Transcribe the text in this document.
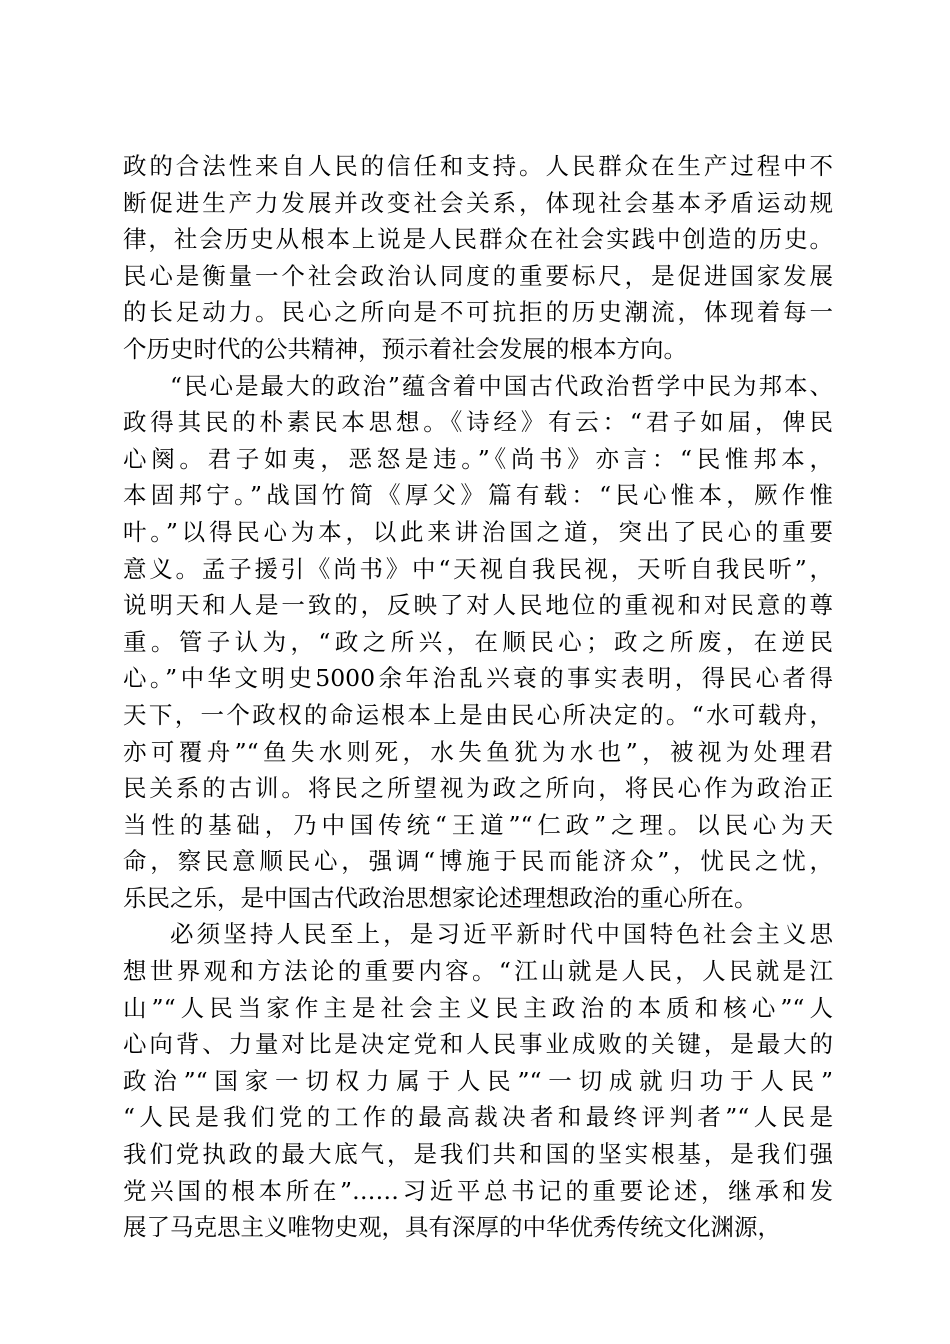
政的合法性来自人民的信任和支持。人民群众在生产过程中不
断促进生产力发展并改变社会关系，体现社会基本矛盾运动规
律，社会历史从根本上说是人民群众在社会实践中创造的历史。
民心是衡量一个社会政治认同度的重要标尺，是促进国家发展
的长足动力。民心之所向是不可抗拒的历史潮流，体现着每一
个历史时代的公共精神，预示着社会发展的根本方向。
“民心是最大的政治”蕴含着中国古代政治哲学中民为邦本、
政得其民的朴素民本思想。《诗经》有云：“君子如届，俾民
心阕。君子如夷，恶怒是违。”《尚书》亦言：“民惟邦本，
本固邦宁。”战国竹简《厚父》篇有载：“民心惟本，厥作惟
叶。”以得民心为本，以此来讲治国之道，突出了民心的重要
意义。孟子援引《尚书》中“天视自我民视，天听自我民听”，
说明天和人是一致的，反映了对人民地位的重视和对民意的尊
重。管子认为，“政之所兴，在顺民心；政之所废，在逆民
心。”中华文明史5000余年治乱兴衰的事实表明，得民心者得
天下，一个政权的命运根本上是由民心所决定的。“水可载舟，
亦可覆舟”“鱼失水则死，水失鱼犹为水也”，被视为处理君
民关系的古训。将民之所望视为政之所向，将民心作为政治正
当性的基础，乃中国传统“王道”“仁政”之理。以民心为天
命，察民意顺民心，强调“博施于民而能济众”，忧民之忧，
乐民之乐，是中国古代政治思想家论述理想政治的重心所在。
必须坚持人民至上，是习近平新时代中国特色社会主义思
想世界观和方法论的重要内容。“江山就是人民，人民就是江
山”“人民当家作主是社会主义民主政治的本质和核心”“人
心向背、力量对比是决定党和人民事业成败的关键，是最大的
政治”“国家一切权力属于人民”“一切成就归功于人民”
“人民是我们党的工作的最高裁决者和最终评判者”“人民是
我们党执政的最大底气，是我们共和国的坚实根基，是我们强
党兴国的根本所在”……习近平总书记的重要论述，继承和发
展了马克思主义唯物史观，具有深厚的中华优秀传统文化渊源，
